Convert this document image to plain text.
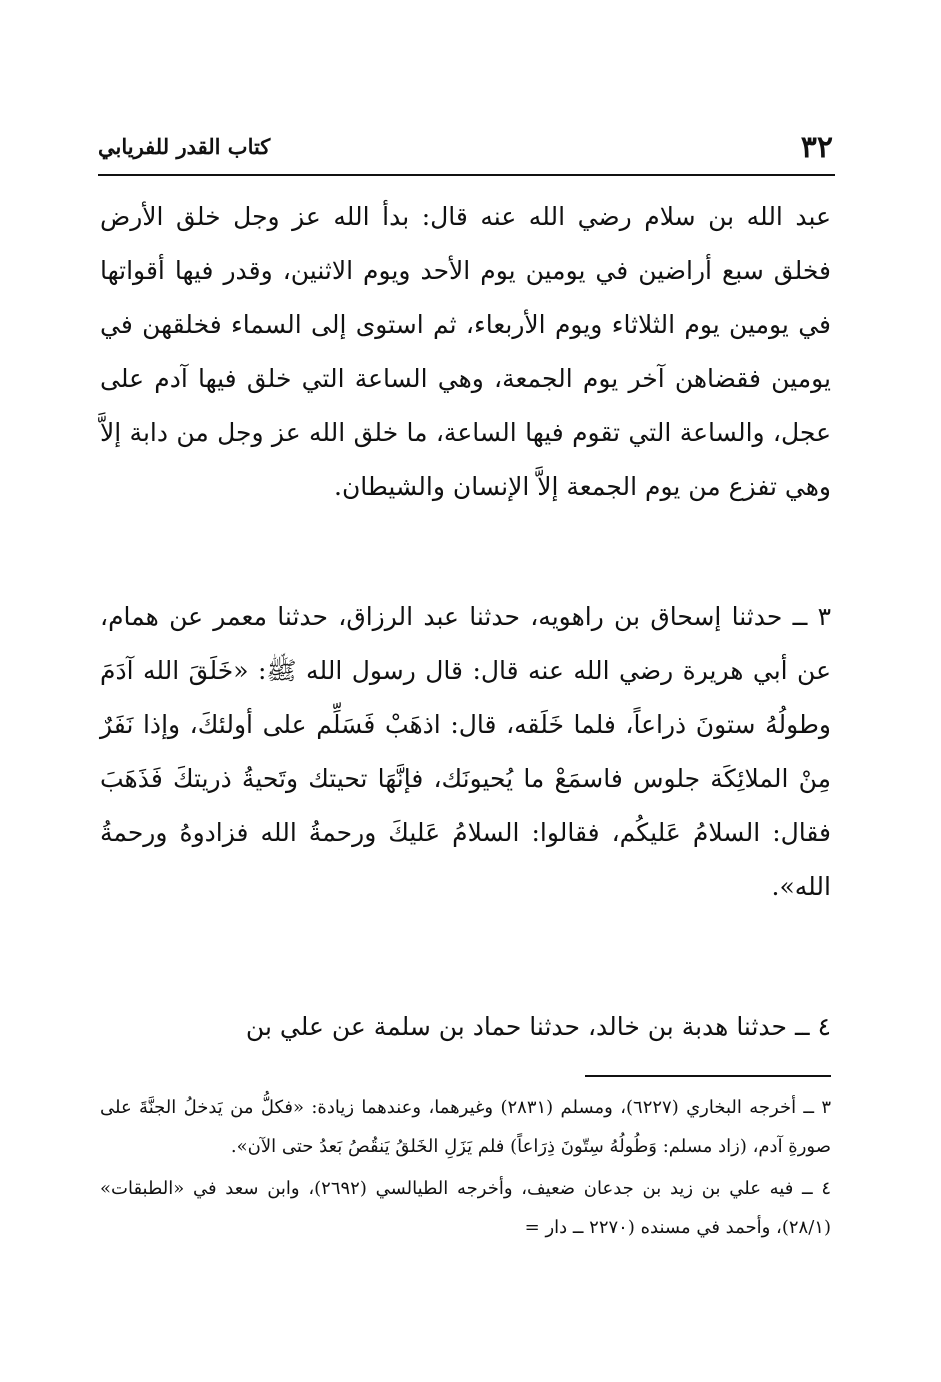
٣٢
كتاب القدر للفريابي

عبد الله بن سلام رضي الله عنه قال: بدأ الله عز وجل خلق الأرض فخلق سبع أراضين في يومين يوم الأحد ويوم الاثنين، وقدر فيها أقواتها في يومين يوم الثلاثاء ويوم الأربعاء، ثم استوى إلى السماء فخلقهن في يومين فقضاهن آخر يوم الجمعة، وهي الساعة التي خلق فيها آدم على عجل، والساعة التي تقوم فيها الساعة، ما خلق الله عز وجل من دابة إلاَّ وهي تفزع من يوم الجمعة إلاَّ الإنسان والشيطان.

٣ ــ حدثنا إسحاق بن راهويه، حدثنا عبد الرزاق، حدثنا معمر عن همام، عن أبي هريرة رضي الله عنه قال: قال رسول الله ﷺ: «خَلَقَ الله آدَمَ وطولُهُ ستونَ ذراعاً، فلما خَلَقه، قال: اذهَبْ فَسَلِّم على أولئكَ، وإذا نَفَرٌ مِنْ الملائِكَة جلوس فاسمَعْ ما يُحيونَك، فإنَّهَا تحيتك وتَحيةُ ذريتكَ فَذَهَبَ فقال: السلامُ عَليكُم، فقالوا: السلامُ عَليكَ ورحمةُ الله فزادوهُ ورحمةُ الله».

٤ ــ حدثنا هدبة بن خالد، حدثنا حماد بن سلمة عن علي بن

٣ ــ أخرجه البخاري (٦٢٢٧)، ومسلم (٢٨٣١) وغيرهما، وعندهما زيادة: «فكلُّ من يَدخلُ الجنَّةَ على صورةِ آدم، (زاد مسلم: وَطُولُهُ سِتّونَ ذِرَاعاً) فلم يَزَلِ الخَلقُ يَنقُصُ بَعدُ حتى الآن».

٤ ــ فيه علي بن زيد بن جدعان ضعيف، وأخرجه الطيالسي (٢٦٩٢)، وابن سعد في «الطبقات» (٢٨/١)، وأحمد في مسنده (٢٢٧٠ ــ دار =
